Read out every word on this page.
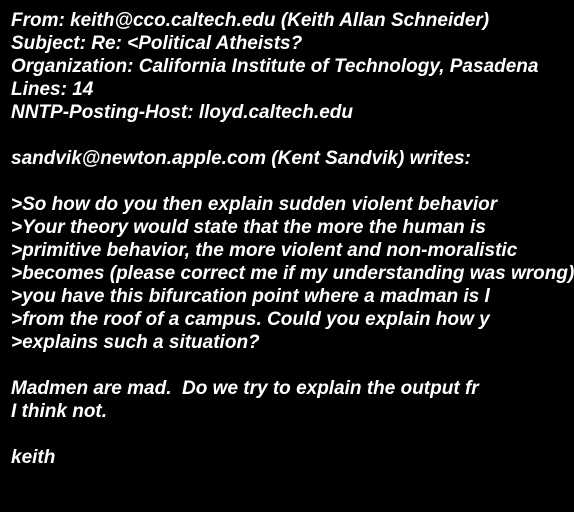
From: keith@cco.caltech.edu (Keith Allan Schneider)
Subject: Re: <Political Atheists?
Organization: California Institute of Technology, Pasadena
Lines: 14
NNTP-Posting-Host: lloyd.caltech.edu
sandvik@newton.apple.com (Kent Sandvik) writes:
>So how do you then explain sudden violent behavior
>Your theory would state that the more the human is
>primitive behavior, the more violent and non-moralistic
>becomes (please correct me if my understanding was wrong)
>you have this bifurcation point where a madman is l
>from the roof of a campus. Could you explain how y
>explains such a situation?
Madmen are mad.  Do we try to explain the output fr
I think not.
keith
